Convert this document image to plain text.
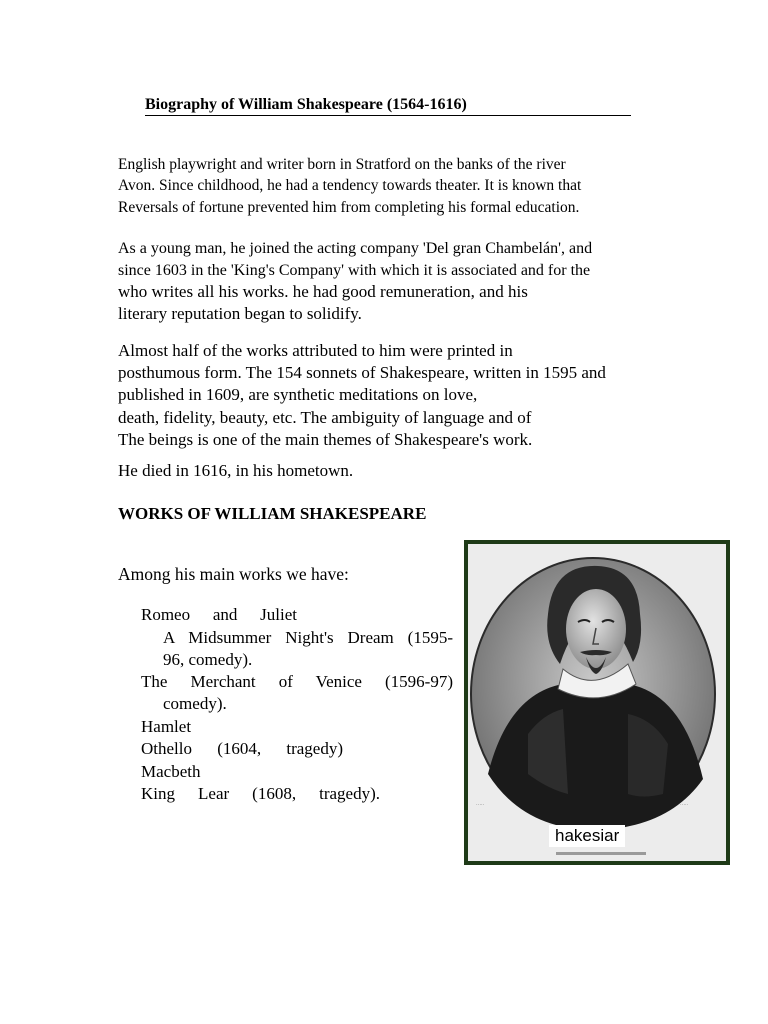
Biography of William Shakespeare (1564-1616)

English playwright and writer born in Stratford on the banks of the river
Avon. Since childhood, he had a tendency towards theater. It is known that
Reversals of fortune prevented him from completing his formal education.

As a young man, he joined the acting company 'Del gran Chambelán', and
since 1603 in the 'King's Company' with which it is associated and for the
who writes all his works. he had good remuneration, and his
literary reputation began to solidify.

Almost half of the works attributed to him were printed in
posthumous form. The 154 sonnets of Shakespeare, written in 1595 and
published in 1609, are synthetic meditations on love,
death, fidelity, beauty, etc. The ambiguity of language and of
The beings is one of the main themes of Shakespeare's work.

He died in 1616, in his hometown.

WORKS OF WILLIAM SHAKESPEARE
Among his main works we have:
Romeo and Juliet
A Midsummer Night's Dream (1595-
96, comedy).
The Merchant of Venice (1596-97)
comedy).
Hamlet
Othello (1604, tragedy)
Macbeth
King Lear (1608, tragedy).
·····	·····
hakesiar
